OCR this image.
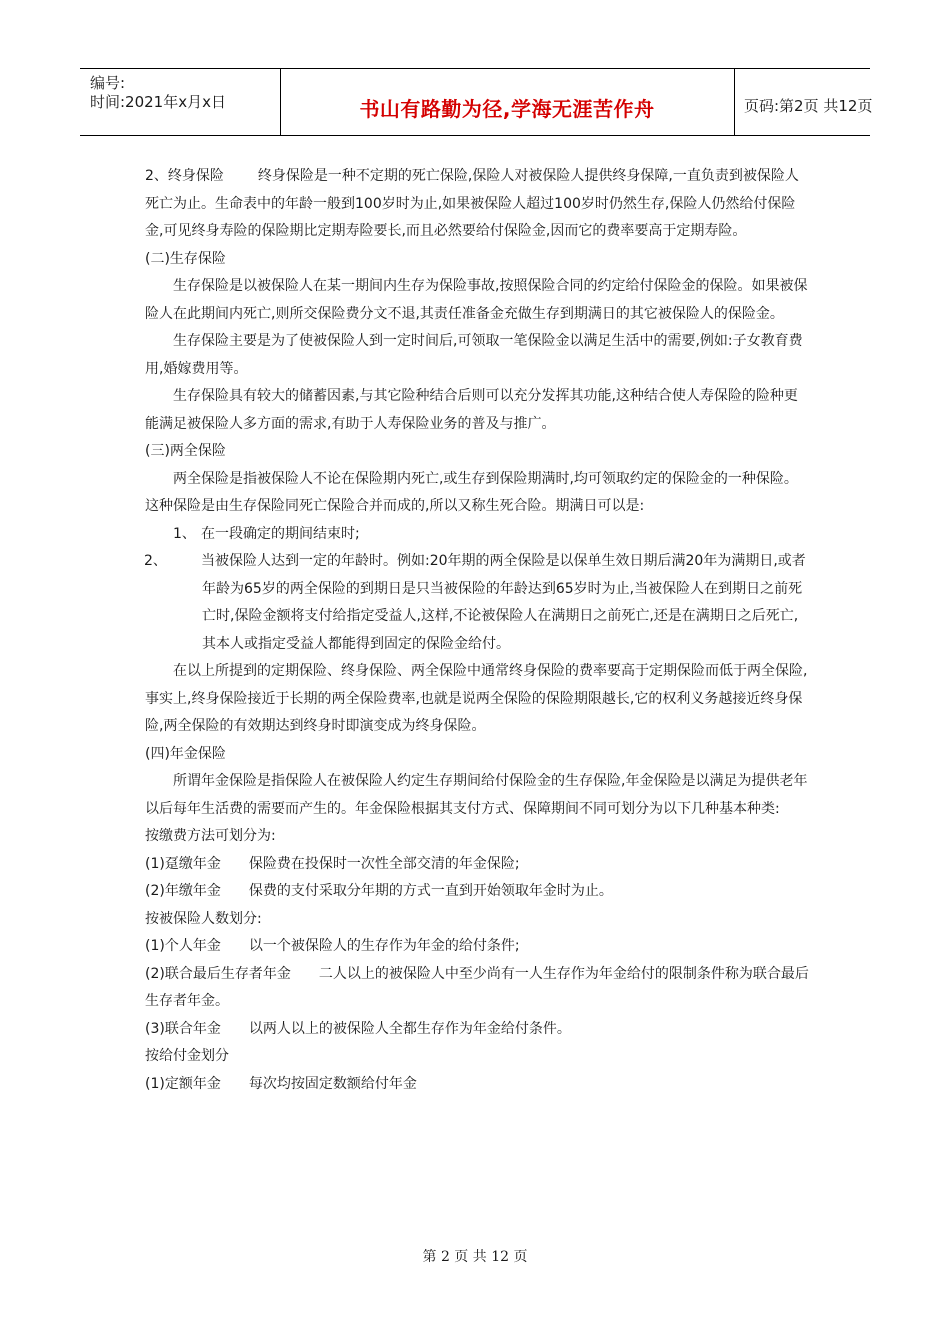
编号:
时间:2021年x月x日	书山有路勤为径,学海无涯苦作舟	页码:第2页 共12页

2、终身保险 终身保险是一种不定期的死亡保险,保险人对被保险人提供终身保障,一直负责到被保险人死亡为止。生命表中的年龄一般到100岁时为止,如果被保险人超过100岁时仍然生存,保险人仍然给付保险金,可见终身寿险的保险期比定期寿险要长,而且必然要给付保险金,因而它的费率要高于定期寿险。

(二)生存保险

生存保险是以被保险人在某一期间内生存为保险事故,按照保险合同的约定给付保险金的保险。如果被保险人在此期间内死亡,则所交保险费分文不退,其责任准备金充做生存到期满日的其它被保险人的保险金。

生存保险主要是为了使被保险人到一定时间后,可领取一笔保险金以满足生活中的需要,例如:子女教育费用,婚嫁费用等。

生存保险具有较大的储蓄因素,与其它险种结合后则可以充分发挥其功能,这种结合使人寿保险的险种更能满足被保险人多方面的需求,有助于人寿保险业务的普及与推广。

(三)两全保险

两全保险是指被保险人不论在保险期内死亡,或生存到保险期满时,均可领取约定的保险金的一种保险。这种保险是由生存保险同死亡保险合并而成的,所以又称生死合险。期满日可以是:

1、 在一段确定的期间结束时;

2、 当被保险人达到一定的年龄时。例如:20年期的两全保险是以保单生效日期后满20年为满期日,或者年龄为65岁的两全保险的到期日是只当被保险的年龄达到65岁时为止,当被保险人在到期日之前死亡时,保险金额将支付给指定受益人,这样,不论被保险人在满期日之前死亡,还是在满期日之后死亡,其本人或指定受益人都能得到固定的保险金给付。

在以上所提到的定期保险、终身保险、两全保险中通常终身保险的费率要高于定期保险而低于两全保险,事实上,终身保险接近于长期的两全保险费率,也就是说两全保险的保险期限越长,它的权利义务越接近终身保险,两全保险的有效期达到终身时即演变成为终身保险。

(四)年金保险

所谓年金保险是指保险人在被保险人约定生存期间给付保险金的生存保险,年金保险是以满足为提供老年以后每年生活费的需要而产生的。年金保险根据其支付方式、保障期间不同可划分为以下几种基本种类:

按缴费方法可划分为:

(1)趸缴年金 保险费在投保时一次性全部交清的年金保险;

(2)年缴年金 保费的支付采取分年期的方式一直到开始领取年金时为止。

按被保险人数划分:

(1)个人年金 以一个被保险人的生存作为年金的给付条件;

(2)联合最后生存者年金 二人以上的被保险人中至少尚有一人生存作为年金给付的限制条件称为联合最后生存者年金。

(3)联合年金 以两人以上的被保险人全都生存作为年金给付条件。

按给付金划分

(1)定额年金 每次均按固定数额给付年金

第 2 页 共 12 页
